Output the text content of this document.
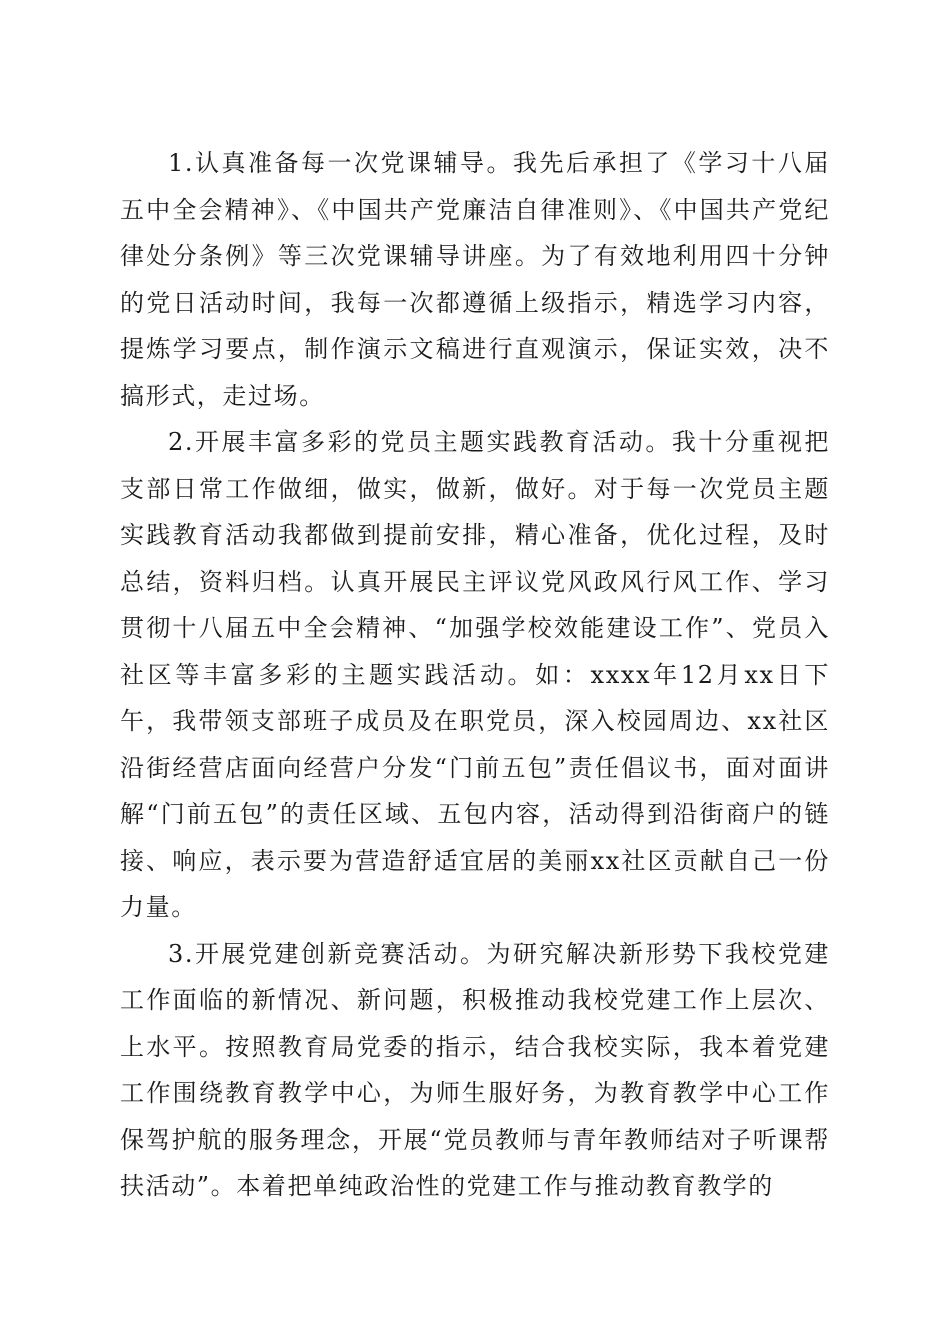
1.认真准备每一次党课辅导。我先后承担了《学习十八届五中全会精神》、《中国共产党廉洁自律准则》、《中国共产党纪律处分条例》等三次党课辅导讲座。为了有效地利用四十分钟的党日活动时间，我每一次都遵循上级指示，精选学习内容，提炼学习要点，制作演示文稿进行直观演示，保证实效，决不搞形式，走过场。

2.开展丰富多彩的党员主题实践教育活动。我十分重视把支部日常工作做细，做实，做新，做好。对于每一次党员主题实践教育活动我都做到提前安排，精心准备，优化过程，及时总结，资料归档。认真开展民主评议党风政风行风工作、学习贯彻十八届五中全会精神、“加强学校效能建设工作”、党员入社区等丰富多彩的主题实践活动。如：xxxx年12月xx日下午，我带领支部班子成员及在职党员，深入校园周边、xx社区沿街经营店面向经营户分发“门前五包”责任倡议书，面对面讲解“门前五包”的责任区域、五包内容，活动得到沿街商户的链接、响应，表示要为营造舒适宜居的美丽xx社区贡献自己一份力量。

3.开展党建创新竞赛活动。为研究解决新形势下我校党建工作面临的新情况、新问题，积极推动我校党建工作上层次、上水平。按照教育局党委的指示，结合我校实际，我本着党建工作围绕教育教学中心，为师生服好务，为教育教学中心工作保驾护航的服务理念，开展“党员教师与青年教师结对子听课帮扶活动”。本着把单纯政治性的党建工作与推动教育教学的
